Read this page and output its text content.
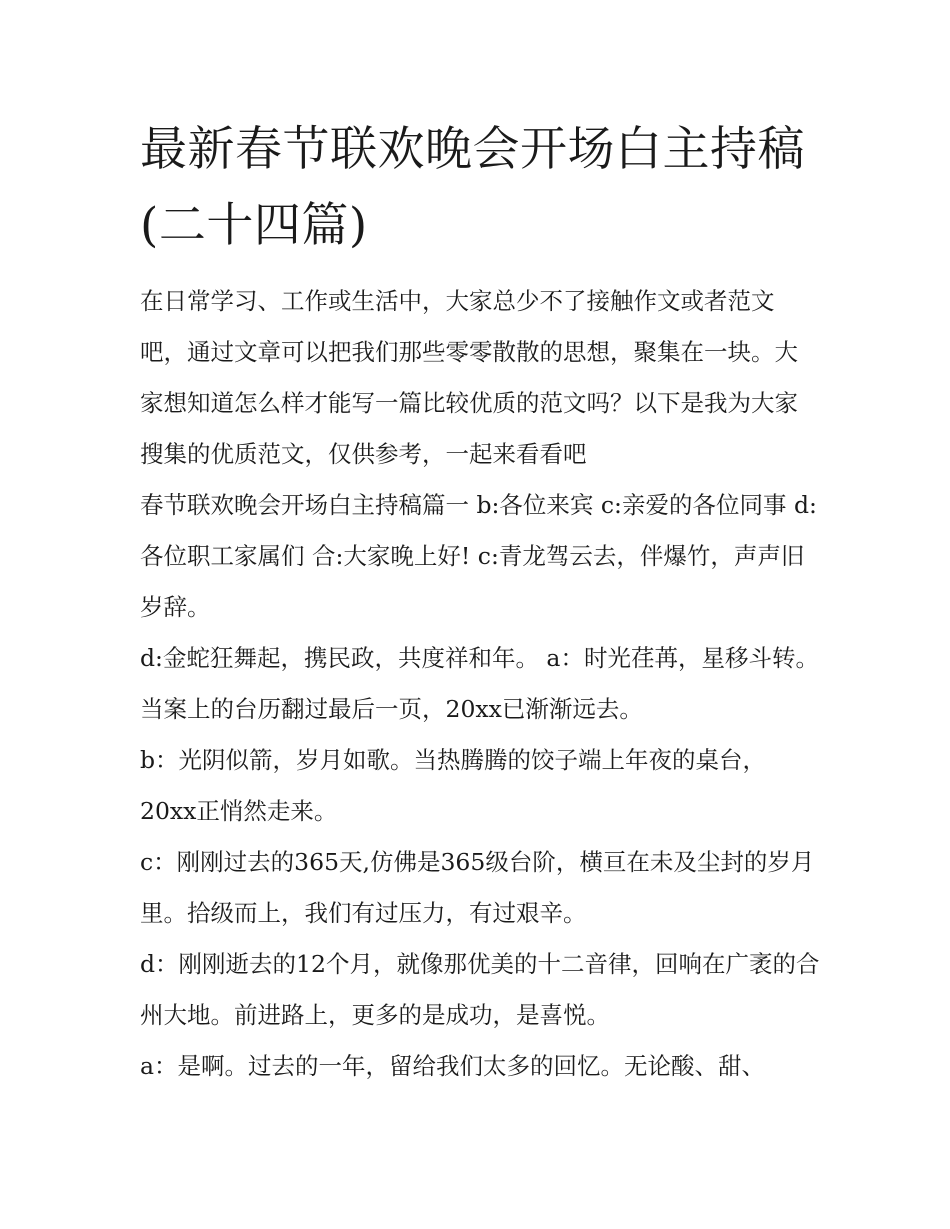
最新春节联欢晚会开场白主持稿(二十四篇)

在日常学习、工作或生活中，大家总少不了接触作文或者范文吧，通过文章可以把我们那些零零散散的思想，聚集在一块。大家想知道怎么样才能写一篇比较优质的范文吗？以下是我为大家搜集的优质范文，仅供参考，一起来看看吧

春节联欢晚会开场白主持稿篇一 b:各位来宾 c:亲爱的各位同事 d:各位职工家属们 合:大家晚上好! c:青龙驾云去，伴爆竹，声声旧岁辞。

d:金蛇狂舞起，携民政，共度祥和年。 a：时光荏苒，星移斗转。当案上的台历翻过最后一页，20xx已渐渐远去。

b：光阴似箭，岁月如歌。当热腾腾的饺子端上年夜的桌台，20xx正悄然走来。

c：刚刚过去的365天,仿佛是365级台阶，横亘在未及尘封的岁月里。拾级而上，我们有过压力，有过艰辛。

d：刚刚逝去的12个月，就像那优美的十二音律，回响在广袤的合州大地。前进路上，更多的是成功，是喜悦。

a：是啊。过去的一年，留给我们太多的回忆。无论酸、甜、
